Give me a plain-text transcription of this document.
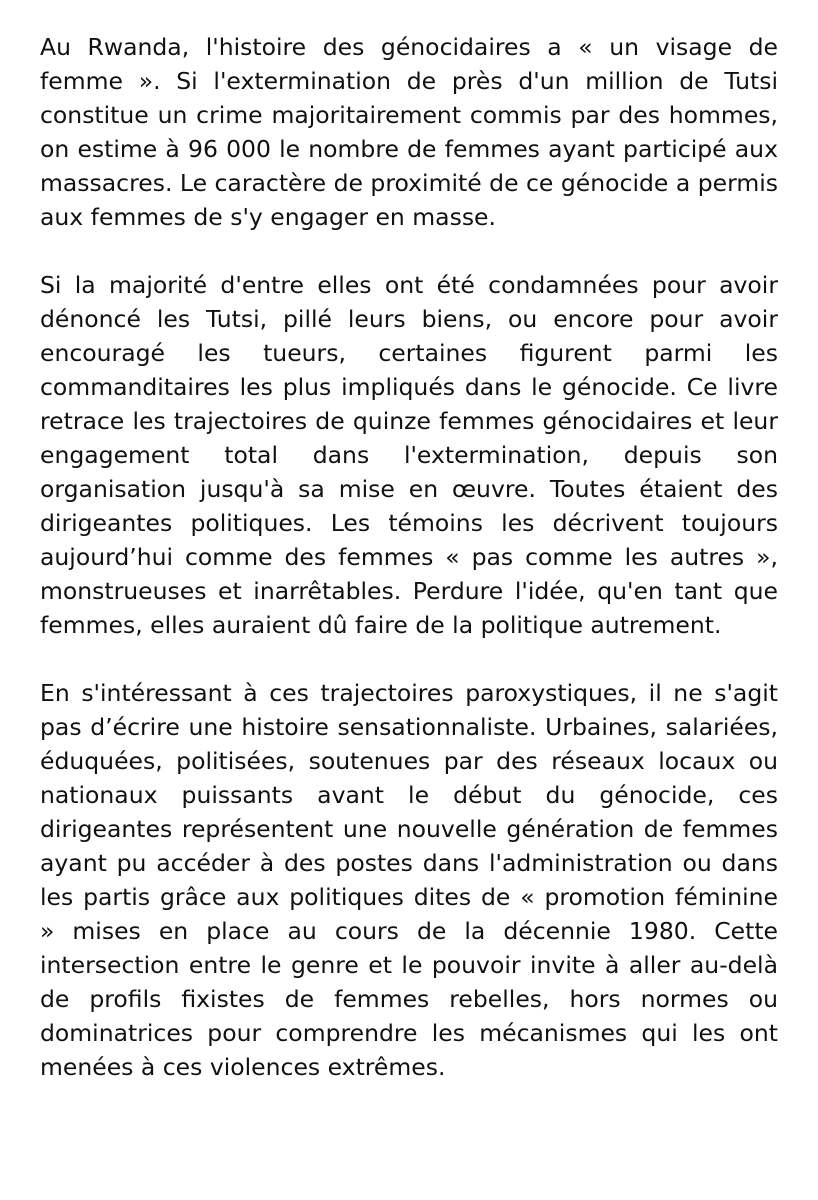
Au Rwanda, l'histoire des génocidaires a « un visage de femme ». Si l'extermination de près d'un million de Tutsi constitue un crime majoritairement commis par des hommes, on estime à 96 000 le nombre de femmes ayant participé aux massacres. Le caractère de proximité de ce génocide a permis aux femmes de s'y engager en masse.

Si la majorité d'entre elles ont été condamnées pour avoir dénoncé les Tutsi, pillé leurs biens, ou encore pour avoir encouragé les tueurs, certaines figurent parmi les commanditaires les plus impliqués dans le génocide. Ce livre retrace les trajectoires de quinze femmes génocidaires et leur engagement total dans l'extermination, depuis son organisation jusqu'à sa mise en œuvre. Toutes étaient des dirigeantes politiques. Les témoins les décrivent toujours aujourd’hui comme des femmes « pas comme les autres », monstrueuses et inarrêtables. Perdure l'idée, qu'en tant que femmes, elles auraient dû faire de la politique autrement.

En s'intéressant à ces trajectoires paroxystiques, il ne s'agit pas d’écrire une histoire sensationnaliste. Urbaines, salariées, éduquées, politisées, soutenues par des réseaux locaux ou nationaux puissants avant le début du génocide, ces dirigeantes représentent une nouvelle génération de femmes ayant pu accéder à des postes dans l'administration ou dans les partis grâce aux politiques dites de « promotion féminine » mises en place au cours de la décennie 1980. Cette intersection entre le genre et le pouvoir invite à aller au-delà de profils fixistes de femmes rebelles, hors normes ou dominatrices pour comprendre les mécanismes qui les ont menées à ces violences extrêmes.
